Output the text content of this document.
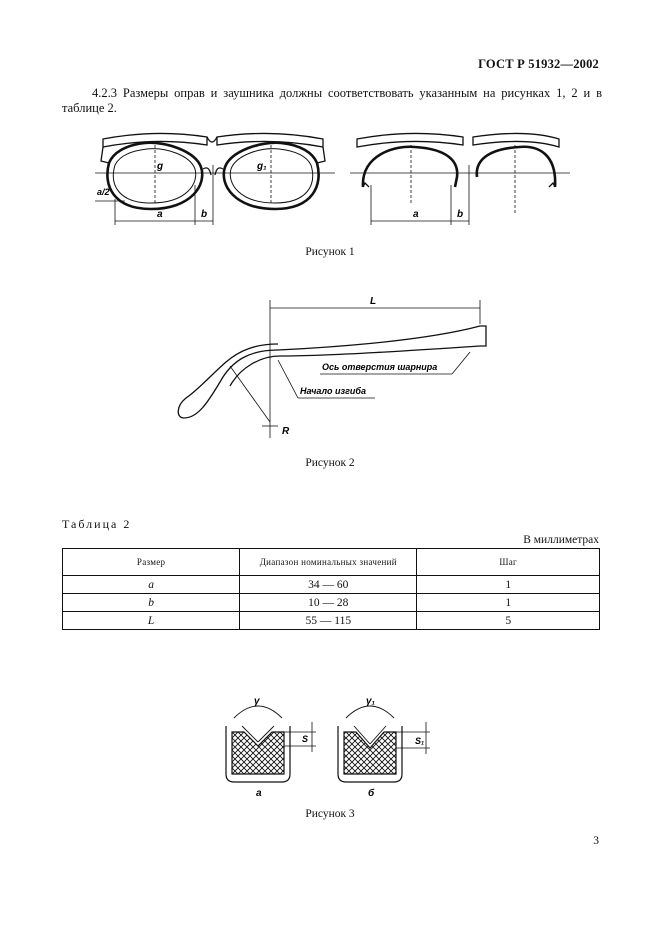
ГОСТ Р 51932—2002
4.2.3 Размеры оправ и заушника должны соответствовать указанным на рисунках 1, 2 и в таблице 2.
g	g₁
a/2
a	b	a	b
Рисунок 1
L
Ось отверстия шарнира
Начало изгиба
R
Рисунок 2
Таблица 2
В миллиметрах
Размер	Диапазон номинальных значений	Шаг
a	34 — 60	1
b	10 — 28	1
L	55 — 115	5
γ	γ₁
S	S₁
а	б
Рисунок 3
3
